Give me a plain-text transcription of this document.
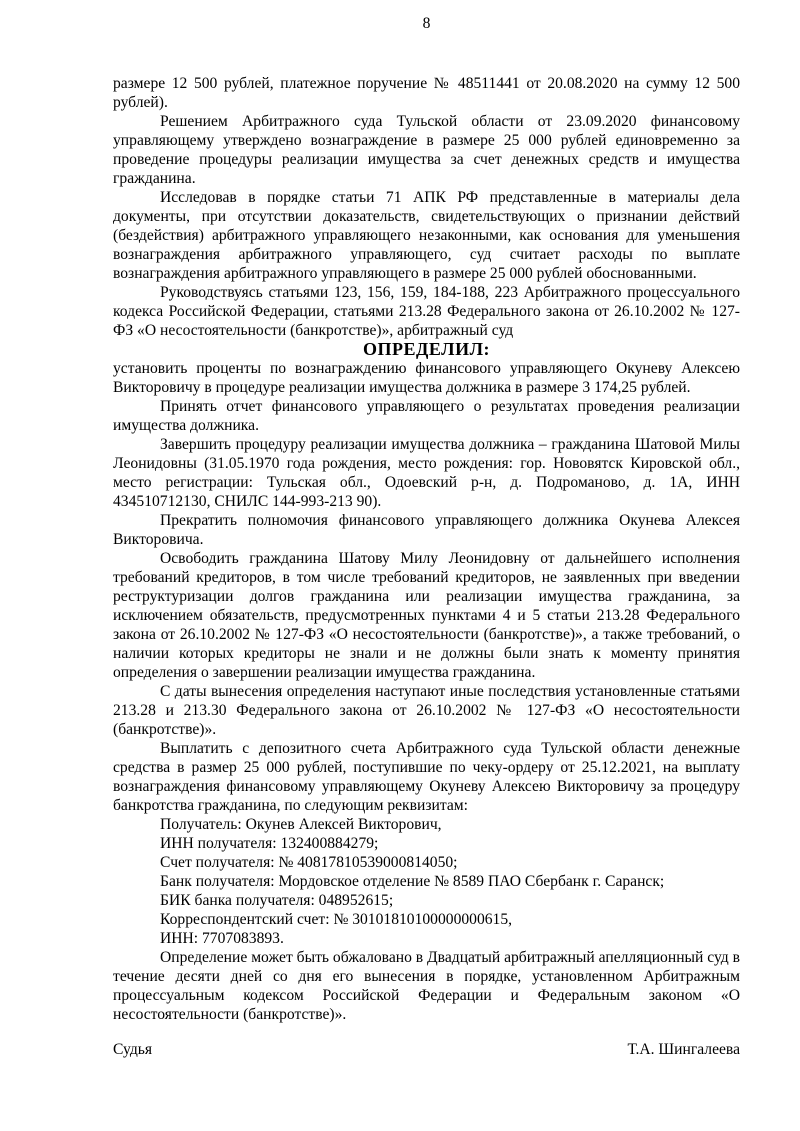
8

размере 12 500 рублей, платежное поручение № 48511441 от 20.08.2020 на сумму 12 500 рублей).

Решением Арбитражного суда Тульской области от 23.09.2020 финансовому управляющему утверждено вознаграждение в размере 25 000 рублей единовременно за проведение процедуры реализации имущества за счет денежных средств и имущества гражданина.

Исследовав в порядке статьи 71 АПК РФ представленные в материалы дела документы, при отсутствии доказательств, свидетельствующих о признании действий (бездействия) арбитражного управляющего незаконными, как основания для уменьшения вознаграждения арбитражного управляющего, суд считает расходы по выплате вознаграждения арбитражного управляющего в размере 25 000 рублей обоснованными.

Руководствуясь статьями 123, 156, 159, 184-188, 223 Арбитражного процессуального кодекса Российской Федерации, статьями 213.28 Федерального закона от 26.10.2002 № 127-ФЗ «О несостоятельности (банкротстве)», арбитражный суд

ОПРЕДЕЛИЛ:

установить проценты по вознаграждению финансового управляющего Окуневу Алексею Викторовичу в процедуре реализации имущества должника в размере 3 174,25 рублей.

Принять отчет финансового управляющего о результатах проведения реализации имущества должника.

Завершить процедуру реализации имущества должника – гражданина Шатовой Милы Леонидовны (31.05.1970 года рождения, место рождения: гор. Нововятск Кировской обл., место регистрации: Тульская обл., Одоевский р-н, д. Подроманово, д. 1А, ИНН 434510712130, СНИЛС 144-993-213 90).

Прекратить полномочия финансового управляющего должника Окунева Алексея Викторовича.

Освободить гражданина Шатову Милу Леонидовну от дальнейшего исполнения требований кредиторов, в том числе требований кредиторов, не заявленных при введении реструктуризации долгов гражданина или реализации имущества гражданина, за исключением обязательств, предусмотренных пунктами 4 и 5 статьи 213.28 Федерального закона от 26.10.2002 № 127-ФЗ «О несостоятельности (банкротстве)», а также требований, о наличии которых кредиторы не знали и не должны были знать к моменту принятия определения о завершении реализации имущества гражданина.

С даты вынесения определения наступают иные последствия установленные статьями 213.28 и 213.30 Федерального закона от 26.10.2002 № 127-ФЗ «О несостоятельности (банкротстве)».

Выплатить с депозитного счета Арбитражного суда Тульской области денежные средства в размер 25 000 рублей, поступившие по чеку-ордеру от 25.12.2021, на выплату вознаграждения финансовому управляющему Окуневу Алексею Викторовичу за процедуру банкротства гражданина, по следующим реквизитам:

Получатель: Окунев Алексей Викторович,

ИНН получателя: 132400884279;

Счет получателя: № 40817810539000814050;

Банк получателя: Мордовское отделение № 8589 ПАО Сбербанк г. Саранск;

БИК банка получателя: 048952615;

Корреспондентский счет: № 30101810100000000615,

ИНН: 7707083893.

Определение может быть обжаловано в Двадцатый арбитражный апелляционный суд в течение десяти дней со дня его вынесения в порядке, установленном Арбитражным процессуальным кодексом Российской Федерации и Федеральным законом «О несостоятельности (банкротстве)».

Судья	Т.А. Шингалеева
